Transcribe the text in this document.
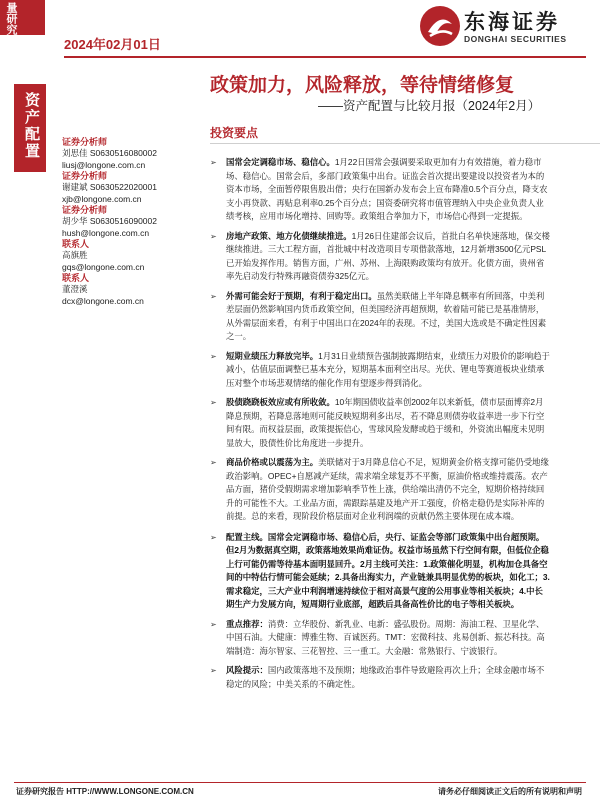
量研究
2024年02月01日
东海证券
DONGHAI SECURITIES
资产配置
政策加力，风险释放，等待情绪修复
——资产配置与比较月报（2024年2月）
证券分析师
刘思佳 S0630516080002
liusj@longone.com.cn
证券分析师
谢建斌 S0630522020001
xjb@longone.com.cn
证券分析师
胡少华 S0630516090002
hush@longone.com.cn
联系人
高旗胜
gqs@longone.com.cn
联系人
董澄溪
dcx@longone.com.cn
投资要点
➢ 国常会定调稳市场、稳信心。1月22日国常会强调要采取更加有力有效措施，着力稳市
场、稳信心。国常会后，多部门政策集中出台。证监会首次提出要建设以投资者为本的
资本市场，全面暂停限售股出借；央行在国新办发布会上宣布降准0.5个百分点，降支农
支小再贷款、再贴息利率0.25个百分点；国资委研究将市值管理纳入中央企业负责人业
绩考核，应用市场化增持、回购等。政策组合拳加力下，市场信心得到一定提振。
➢ 房地产政策、地方化债继续推进。1月26日住建部会议后，首批白名单快速落地，保交楼
继续推进。三大工程方面，首批城中村改造项目专项借款落地，12月新增3500亿元PSL
已开始发挥作用。销售方面，广州、苏州、上海限购政策均有放开。化债方面，贵州省
率先启动发行特殊再融资债券325亿元。
➢ 外需可能会好于预期，有利于稳定出口。虽然美联储上半年降息概率有所回落，中美利
差层面仍然影响国内货币政策空间，但美国经济再超预期，软着陆可能已是基准情形，
从外需层面来看，有利于中国出口在2024年的表现。不过，美国大选或是不确定性因素
之一。
➢ 短期业绩压力释放完毕。1月31日业绩预告强制披露期结束，业绩压力对股价的影响趋于
减小，估值层面调整已基本充分，短期基本面利空出尽。光伏、锂电等赛道板块业绩承
压对整个市场悲观情绪的催化作用有望逐步得到消化。
➢ 股债跷跷板效应或有所收敛。10年期国债收益率创2002年以来新低，债市层面博弈2月
降息预期，若降息落地则可能反映短期利多出尽，若不降息则债券收益率进一步下行空
间有限。而权益层面，政策提振信心，雪球风险发酵或趋于缓和，外资流出幅度未见明
显放大，股债性价比角度进一步提升。
➢ 商品价格或以震荡为主。美联储对于3月降息信心不足，短期黄金价格支撑可能仍受地缘
政治影响。OPEC+自愿减产延续，需求端全球复苏不平衡，原油价格或维持震荡。农产
品方面，猪价受假期需求增加影响季节性上涨，供给端出清仍不完全，短期价格持续回
升的可能性不大。工业品方面，需跟踪基建及地产开工强度，价格走稳仍是实际补库的
前提。总的来看，现阶段价格层面对企业利润端的贡献仍然主要体现在成本端。
➢ 配置主线。国常会定调稳市场、稳信心后，央行、证监会等部门政策集中出台超预期。
但2月为数据真空期，政策落地效果尚难证伪。权益市场虽然下行空间有限，但低位企稳
上行可能仍需等待基本面明显回升。2月主线可关注：1.政策催化明显，机构加仓具备空
间的中特估行情可能会延续；2.具备出海实力，产业链兼具明显优势的板块，如化工；3.
需求稳定，三大产业中利润增速持续位于相对高景气度的公用事业等相关板块；4.中长
期生产力发展方向，短周期行业底部，超跌后具备高性价比的电子等相关板块。
➢ 重点推荐：消费：立华股份、新乳业、电新：盛弘股份。周期：海油工程、卫星化学、
中国石油。大健康：博雅生物、百诚医药。TMT：宏微科技、兆易创新、振芯科技。高
端制造：海尔智家、三花智控、三一重工。大金融：常熟银行、宁波银行。
➢ 风险提示：国内政策落地不及预期；地缘政治事件导致避险再次上升；全球金融市场不
稳定的风险；中美关系的不确定性。
证券研究报告 HTTP://WWW.LONGONE.COM.CN	请务必仔细阅读正文后的所有说明和声明
